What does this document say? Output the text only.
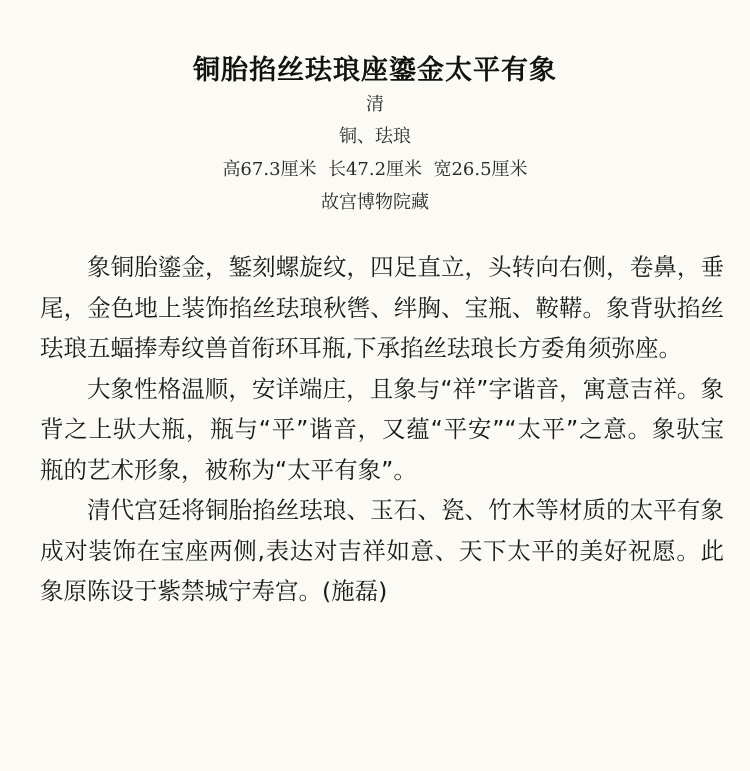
铜胎掐丝珐琅座鎏金太平有象
清
铜、珐琅
高67.3厘米  长47.2厘米  宽26.5厘米
故宫博物院藏

象铜胎鎏金，錾刻螺旋纹，四足直立，头转向右侧，卷鼻，垂尾，金色地上装饰掐丝珐琅秋辔、绊胸、宝瓶、鞍鞯。象背驮掐丝珐琅五蝠捧寿纹兽首衔环耳瓶,下承掐丝珐琅长方委角须弥座。

大象性格温顺，安详端庄，且象与“祥”字谐音，寓意吉祥。象背之上驮大瓶，瓶与“平”谐音，又蕴“平安”“太平”之意。象驮宝瓶的艺术形象，被称为“太平有象”。

清代宫廷将铜胎掐丝珐琅、玉石、瓷、竹木等材质的太平有象成对装饰在宝座两侧,表达对吉祥如意、天下太平的美好祝愿。此象原陈设于紫禁城宁寿宫。(施磊)
